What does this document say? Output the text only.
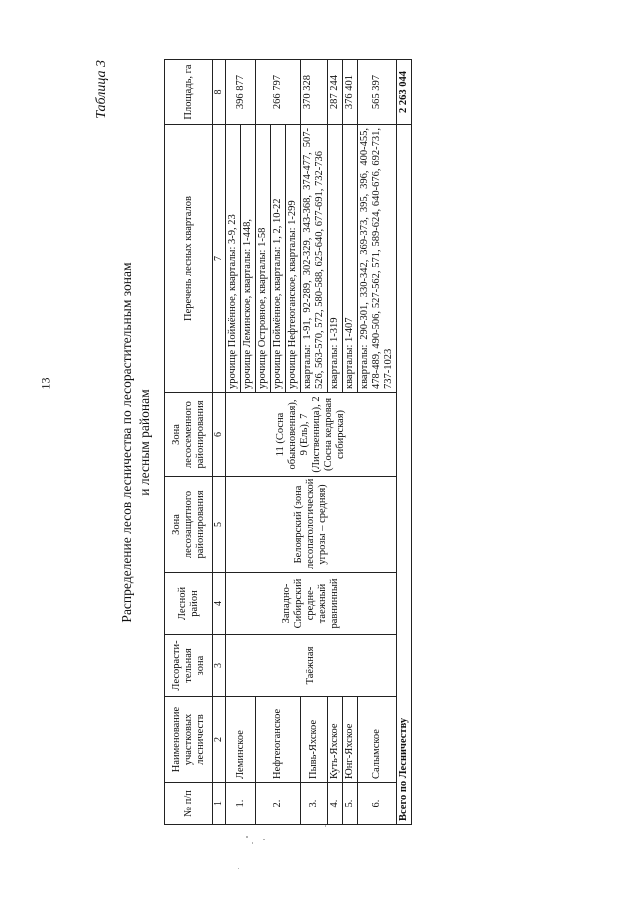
13
Таблица 3
Распределение лесов лесничества по лесорастительным зонам и лесным районам
№ п/п	Наименование участковых лесничеств	Лесорасти-тельная зона	Лесной район	Зона лесозащитного районирования	Зона лесосеменного районирования	Перечень лесных кварталов	Площадь, га
1	2	3	4	5	6	7	8
1.	Леминское	Таёжная	Западно-Сибирский средне-таежный равнинный	Белоярский (зона лесопатологической угрозы – средняя)	11 (Сосна обыкновенная), 9 (Ель), 7 (Лиственница), 2 (Сосна кедровая сибирская)	урочище Поймённое, кварталы: 3-9, 23 урочище Леминское, кварталы: 1-448,	396 877
2.	Нефтеюганское					урочище Островное, кварталы: 1-58 урочище Поймённое, кварталы: 1, 2, 10-22 урочище Нефтеюганское, кварталы: 1-299	266 797
3.	Пывь-Яхское					кварталы: 1-91, 92-289, 302-329, 343-368, 374-477, 507-526, 563-570, 572, 580-588, 625-640, 677-691, 732-736	370 328
4.	Куть-Яхское					кварталы: 1-319	287 244
5.	Юнг-Яхское					кварталы: 1-407	376 401
6.	Салымское					кварталы: 290-301, 330-342, 369-373, 395, 396, 400-455, 478-489, 490-506, 527-562, 571, 589-624, 640-676, 692-731, 737-1023	565 397
Всего по Лесничеству							2 263 044
